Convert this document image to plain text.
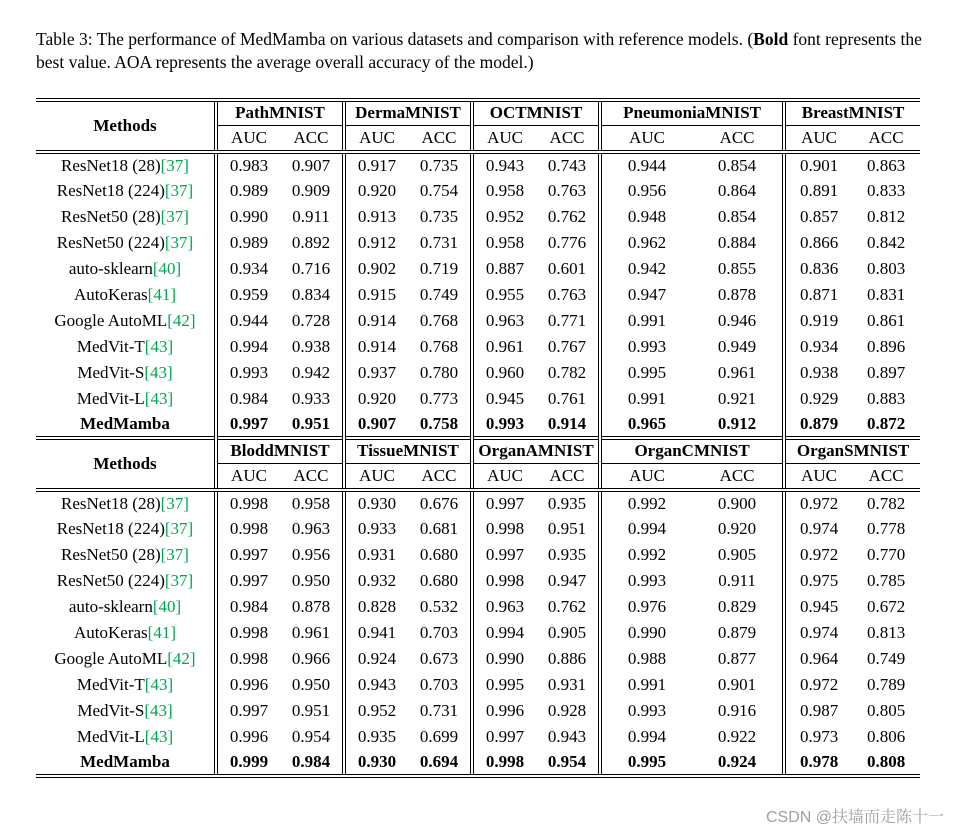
Table 3: The performance of MedMamba on various datasets and comparison with reference models. (Bold font represents the best value. AOA represents the average overall accuracy of the model.)

Methods	PathMNIST		DermaMNIST		OCTMNIST		PneumoniaMNIST		BreastMNIST	
	AUC	ACC	AUC	ACC	AUC	ACC	AUC	ACC	AUC	ACC
ResNet18 (28)[37]	0.983	0.907	0.917	0.735	0.943	0.743	0.944	0.854	0.901	0.863
ResNet18 (224)[37]	0.989	0.909	0.920	0.754	0.958	0.763	0.956	0.864	0.891	0.833
ResNet50 (28)[37]	0.990	0.911	0.913	0.735	0.952	0.762	0.948	0.854	0.857	0.812
ResNet50 (224)[37]	0.989	0.892	0.912	0.731	0.958	0.776	0.962	0.884	0.866	0.842
auto-sklearn[40]	0.934	0.716	0.902	0.719	0.887	0.601	0.942	0.855	0.836	0.803
AutoKeras[41]	0.959	0.834	0.915	0.749	0.955	0.763	0.947	0.878	0.871	0.831
Google AutoML[42]	0.944	0.728	0.914	0.768	0.963	0.771	0.991	0.946	0.919	0.861
MedVit-T[43]	0.994	0.938	0.914	0.768	0.961	0.767	0.993	0.949	0.934	0.896
MedVit-S[43]	0.993	0.942	0.937	0.780	0.960	0.782	0.995	0.961	0.938	0.897
MedVit-L[43]	0.984	0.933	0.920	0.773	0.945	0.761	0.991	0.921	0.929	0.883
MedMamba	0.997	0.951	0.907	0.758	0.993	0.914	0.965	0.912	0.879	0.872
Methods	BloddMNIST		TissueMNIST		OrganAMNIST		OrganCMNIST		OrganSMNIST	
	AUC	ACC	AUC	ACC	AUC	ACC	AUC	ACC	AUC	ACC
ResNet18 (28)[37]	0.998	0.958	0.930	0.676	0.997	0.935	0.992	0.900	0.972	0.782
ResNet18 (224)[37]	0.998	0.963	0.933	0.681	0.998	0.951	0.994	0.920	0.974	0.778
ResNet50 (28)[37]	0.997	0.956	0.931	0.680	0.997	0.935	0.992	0.905	0.972	0.770
ResNet50 (224)[37]	0.997	0.950	0.932	0.680	0.998	0.947	0.993	0.911	0.975	0.785
auto-sklearn[40]	0.984	0.878	0.828	0.532	0.963	0.762	0.976	0.829	0.945	0.672
AutoKeras[41]	0.998	0.961	0.941	0.703	0.994	0.905	0.990	0.879	0.974	0.813
Google AutoML[42]	0.998	0.966	0.924	0.673	0.990	0.886	0.988	0.877	0.964	0.749
MedVit-T[43]	0.996	0.950	0.943	0.703	0.995	0.931	0.991	0.901	0.972	0.789
MedVit-S[43]	0.997	0.951	0.952	0.731	0.996	0.928	0.993	0.916	0.987	0.805
MedVit-L[43]	0.996	0.954	0.935	0.699	0.997	0.943	0.994	0.922	0.973	0.806
MedMamba	0.999	0.984	0.930	0.694	0.998	0.954	0.995	0.924	0.978	0.808
CSDN @扶墙而走陈十一
